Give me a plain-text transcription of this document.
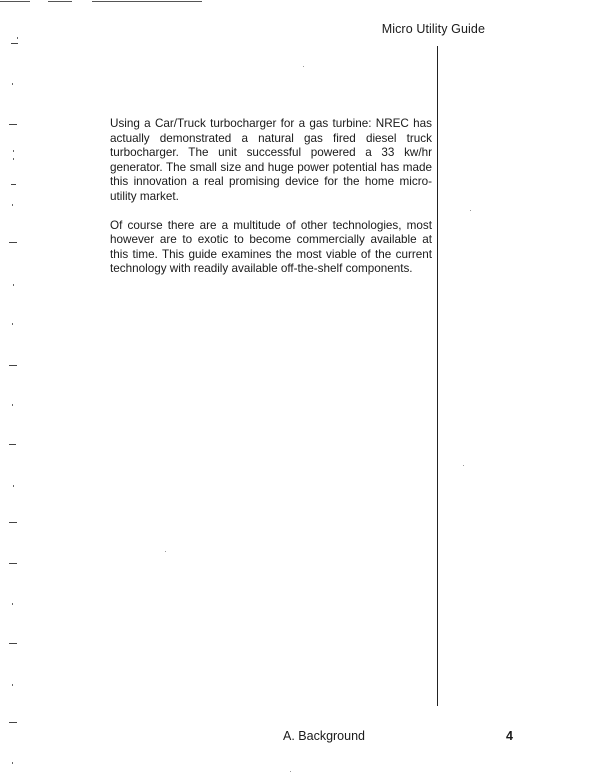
Micro Utility Guide

Using a Car/Truck turbocharger for a gas turbine: NREC has actually demonstrated a natural gas fired diesel truck turbocharger. The unit successful powered a 33 kw/hr generator. The small size and huge power potential has made this innovation a real promising device for the home micro-utility market.

Of course there are a multitude of other technologies, most however are to exotic to become commercially available at this time. This guide examines the most viable of the current technology with readily available off-the-shelf components.

A. Background	4
